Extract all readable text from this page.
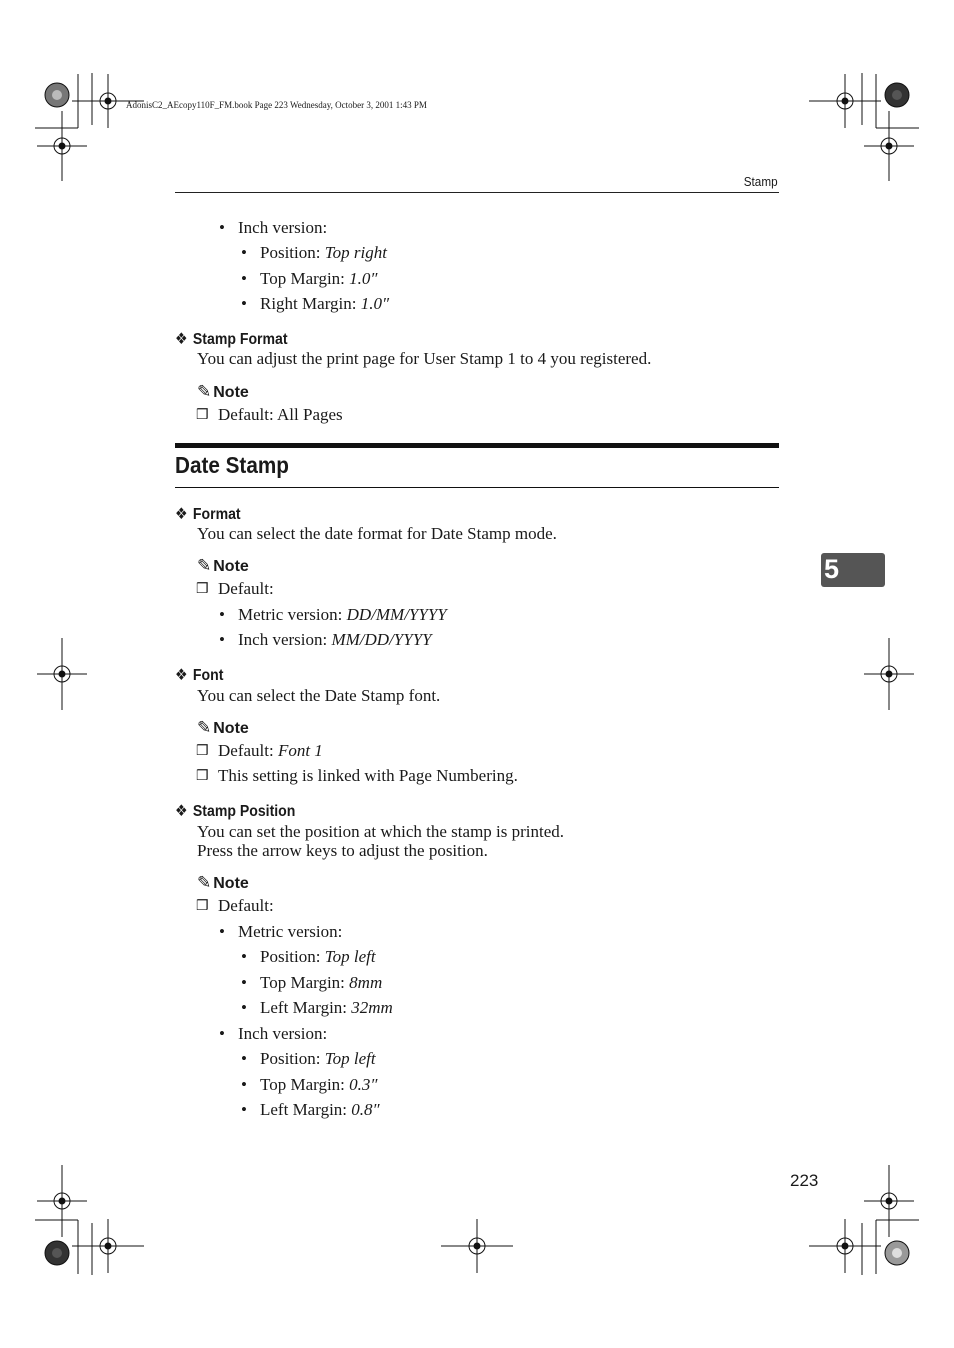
AdonisC2_AEcopy110F_FM.book Page 223 Wednesday, October 3, 2001 1:43 PM
Stamp
• Inch version:
• Position: Top right
• Top Margin: 1.0″
• Right Margin: 1.0″
❖ Stamp Format
You can adjust the print page for User Stamp 1 to 4 you registered.
✎ Note
❒ Default: All Pages
Date Stamp
❖ Format
You can select the date format for Date Stamp mode.
✎ Note
❒ Default:
• Metric version: DD/MM/YYYY
• Inch version: MM/DD/YYYY
❖ Font
You can select the Date Stamp font.
✎ Note
❒ Default: Font 1
❒ This setting is linked with Page Numbering.
❖ Stamp Position
You can set the position at which the stamp is printed.
Press the arrow keys to adjust the position.
✎ Note
❒ Default:
• Metric version:
• Position: Top left
• Top Margin: 8mm
• Left Margin: 32mm
• Inch version:
• Position: Top left
• Top Margin: 0.3″
• Left Margin: 0.8″
5
223
